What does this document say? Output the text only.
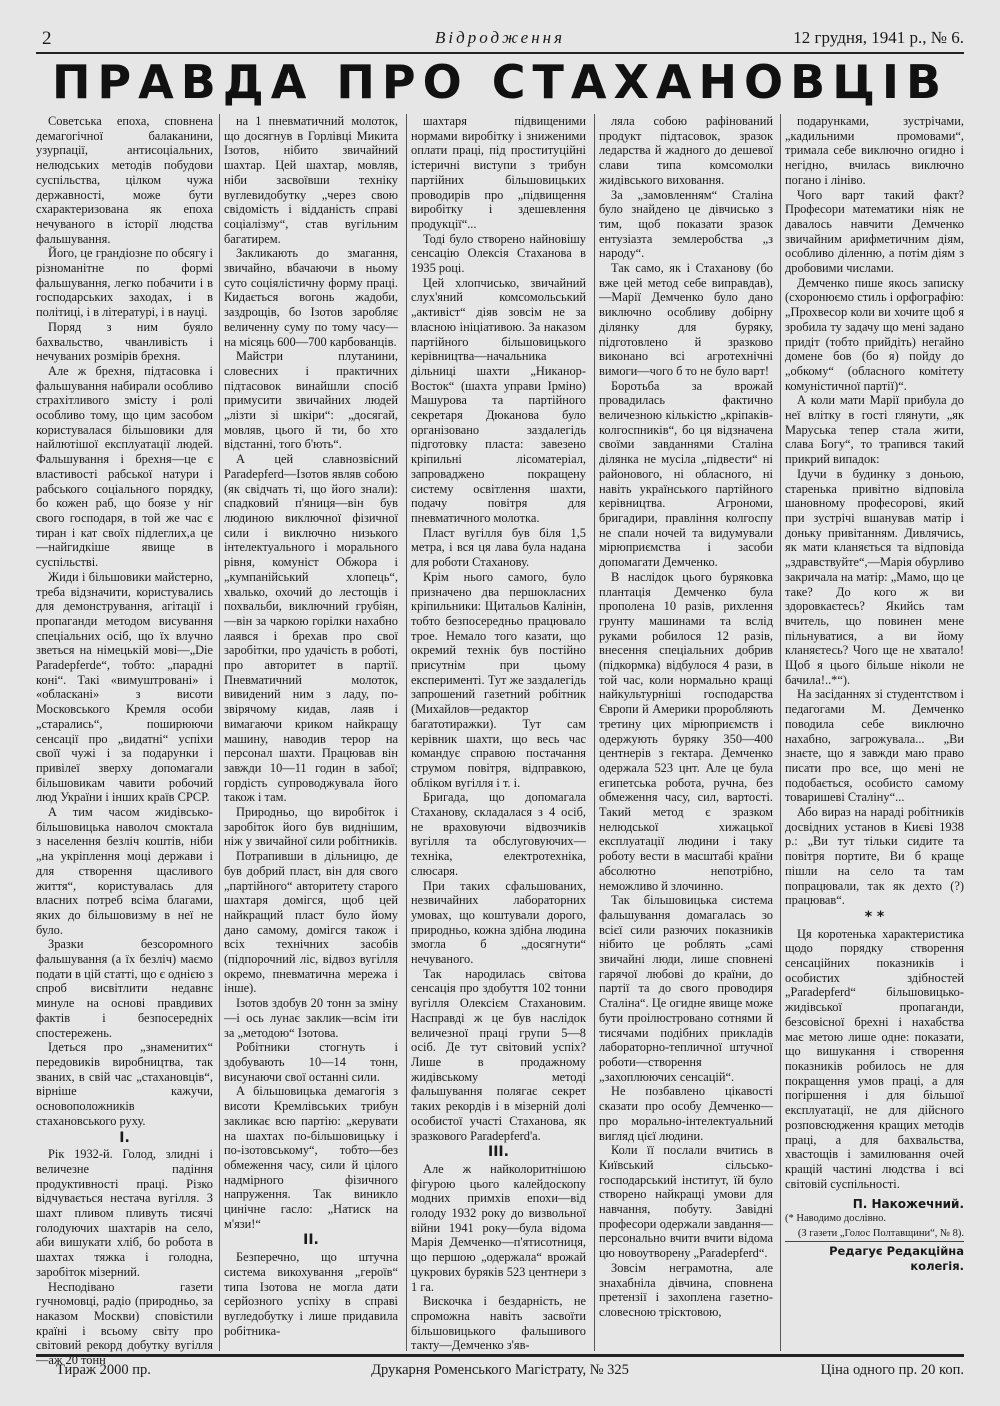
2	Відродження	12 грудня, 1941 р., № 6.
ПРАВДА ПРО СТАХАНОВЦІВ

Советська епоха, сповнена демагогічної балаканини, узурпації, антисоціальних, нелюдських методів побудови суспільства, цілком чужа державності, може бути схарактеризована як епоха нечуваного в історії людства фальшування.

Його, це грандіозне по обсягу і різноманітне по формі фальшування, легко побачити і в господарських заходах, і в політиці, і в літературі, і в науці.

Поряд з ним буяло бахвальство, чванливість і нечуваних розмірів брехня.

Але ж брехня, підтасовка і фальшування набирали особливо страхітливого змісту і ролі особливо тому, що цим засобом користувалася більшовики для найлютішої експлуатації людей. Фальшування і брехня—це є властивості рабської натури і рабського соціального порядку, бо кожен раб, що боязе у ніг свого господаря, в той же час є тиран і кат своїх підлеглих,а це—найгидкіше явище в суспільстві.

Жиди і більшовики майстерно, треба відзначити, користувались для демонстрування, агітації і пропаганди методом висування спеціальних осіб, що їх влучно зветься на німецькій мові—„Die Paradepferde“, тобто: „парадні коні“. Такі «вимуштровані» і «обласкані» з висоти Московського Кремля особи „старались“, поширюючи сенсації про „видатні“ успіхи своїї чужі і за подарунки і привілеї зверху допомагали більшовикам чавити робочий люд України і інших країв СРСР.

А тим часом жидівсько-більшовицька наволоч смоктала з населення безліч коштів, ніби „на укріплення моці держави і для створення щасливого життя“, користувалась для власних потреб всіма благами, яких до більшовизму в неї не було.

Зразки безсоромного фальшування (а їх безліч) маємо подати в цій статті, що є однією з спроб висвітлити недавнє минуле на основі правдивих фактів і безпосередніх спостережень.

Ідеться про „знаменитих“ передовиків виробництва, так званих, в свій час „стахановців“, вірніше кажучи, основоположників стахановського руху.

I.

Рік 1932-й. Голод, злидні і величезне падіння продуктивності праці. Різко відчувається нестача вугілля. З шахт пливом пливуть тисячі голодуючих шахтарів на село, аби вишукати хліб, бо робота в шахтах тяжка і голодна, заробіток мізерний.

Несподівано газети гучномовці, радіо (природньо, за наказом Москви) сповістили країні і всьому світу про світовий рекорд добутку вугілля—аж 20 тонн

на 1 пневматичний молоток, що досягнув в Горлівці Микита Ізотов, нібито звичайний шахтар. Цей шахтар, мовляв, ніби засвоївши техніку вуглевидобутку „через свою свідомість і відданість справі соціалізму“, став вугільним багатирем.

Закликають до змагання, звичайно, вбачаючи в ньому суто соціялістичну форму праці. Кидається вогонь жадоби, заздрощів, бо Ізотов заробляє величенну суму по тому часу—на місяць 600—700 карбованців.

Майстри плутанини, словесних і практичних підтасовок винайшли спосіб примусити звичайних людей „лізти зі шкіри“: „досягай, мовляв, цього й ти, бо хто відстанні, того б'ють“.

А цей славнозвісний Paradepferd—Ізотов являв собою (як свідчать ті, що його знали): спадковий п'яниця—він був людиною виключної фізичної сили і виключно низького інтелектуального і морального рівня, комуніст Обжора і „кумпанійський хлопець“, хвалько, охочий до лестощів і похвальби, виключний грубіян,—він за чаркою горілки нахабно лаявся і брехав про свої заробітки, про удачість в роботі, про авторитет в партії. Пневматичний молоток, вивидений ним з ладу, по-звірячому кидав, лаяв і вимагаючи криком найкращу машину, наводив терор на персонал шахти. Працював він завжди 10—11 годин в забої; гордість супроводжувала його також і там.

Природньо, що виробіток і заробіток його був виднішим, ніж у звичайної сили робітників.

Потрапивши в дільницю, де був добрий пласт, він для свого „партійного“ авторитету старого шахтаря домігся, щоб цей найкращий пласт було йому дано самому, домігся також і всіх технічних засобів (підпорочний ліс, відвоз вугілля окремо, пневматична мережа і інше).

Ізотов здобув 20 тонн за зміну—і ось лунає заклик—всім іти за „методою“ Ізотова.

Робітники стогнуть і здобувають 10—14 тонн, висунаючи свої останні сили.

А більшовицька демагогія з висоти Кремлівських трибун закликає всю партію: „керувати на шахтах по-більшовицьку і по-ізотовському“, тобто—без обмеження часу, сили й цілого надмірного фізичного напруження. Так виникло цинічне гасло: „Натиск на м'язи!“

II.

Безперечно, що штучна система викохування „героїв“ типа Ізотова не могла дати серйозного успіху в справі вугледобутку і лише придавила робітника-

шахтаря підвищеними нормами виробітку і зниженими оплати праці, під проституційні істеричні виступи з трибун партійних більшовицьких проводирів про „підвищення виробітку і здешевлення продукції“...

Тоді було створено найновішу сенсацію Олексія Стаханова в 1935 році.

Цей хлопчисько, звичайний слух'яний комсомольський „активіст“ діяв зовсім не за власною ініціативою. За наказом партійного більшовицького керівництва—начальника дільниці шахти „Никанор-Восток“ (шахта управи Ірміно) Машурова та партійного секретаря Дюканова було організовано заздалегідь підготовку пласта: завезено кріпильні лісоматеріал, запроваджено покращену систему освітлення шахти, подачу повітря для пневматичного молотка.

Пласт вугілля був біля 1,5 метра, і вся ця лава була надана для роботи Стаханову.

Крім нього самого, було призначено два першокласних кріпильники: Щитальов Калінін, тобто безпосередньо працювало трое. Немало того казати, що окремий технік був постійно присутнім при цьому експерименті. Тут же заздалегідь запрошений газетний робітник (Михайлов—редактор багатотиражки). Тут сам керівник шахти, що весь час командує справою постачання струмом повітря, відправкою, обліком вугілля і т. і.

Бригада, що допомагала Стаханову, складалася з 4 осіб, не враховуючи відвозчиків вугілля та обслуговуючих—техніка, електротехніка, слюсаря.

При таких сфальшованих, незвичайних лабораторних умовах, що коштували дорого, природньо, кожна здібна людина змогла б „досягнути“ нечуваного.

Так народилась світова сенсація про здобуття 102 тонни вугілля Олексієм Стахановим. Насправді ж це був наслідок величезної праці групи 5—8 осіб. Де тут світовий успіх? Лише в продажному жидівському методі фальшування полягає секрет таких рекордів і в мізерній долі особистої участі Стаханова, як зразкового Paradepferd'а.

III.

Але ж найколоритнішою фігурою цього калейдоскопу модних примхів епохи—від голоду 1932 року до визвольної війни 1941 року—була відома Марія Демченко—п'ятисотниця, що першою „одержала“ врожай цукрових буряків 523 центнери з 1 га.

Вискочка і бездарність, не спроможна навіть засвоїти більшовицького фальшивого такту—Демченко з'яв-

ляла собою рафінований продукт підтасовок, зразок ледарства й жадного до дешевої слави типа комсомолки жидівського виховання.

За „замовленням“ Сталіна було знайдено це дівчисько з тим, щоб показати зразок ентузіазта землеробства „з народу“.

Так само, як і Стаханову (бо вже цей метод себе виправдав),—Марії Демченко було дано виключно особливу добірну ділянку для буряку, підготовлено й зразково виконано всі агротехнічні вимоги—чого б то не було варт!

Боротьба за врожай провадилась фактично величезною кількістю „кріпаків-колгоспників“, бо ця відзначена своїми завданнями Сталіна ділянка не мусіла „підвести“ ні районового, ні обласного, ні навіть українського партійного керівництва. Агрономи, бригадири, правління колгоспу не спали ночей та видумували мірюприємства і засоби допомагати Демченко.

В наслідок цього буряковка плантація Демченко була прополена 10 разів, рихлення грунту машинами та вслід руками робилося 12 разів, внесення спеціальних добрив (підкормка) відбулося 4 рази, в той час, коли нормально кращі найкультурніші господарства Європи й Америки проробляють третину цих мірюприємств і одержують буряку 350—400 центнерів з гектара. Демченко одержала 523 цнт. Але це була египетська робота, ручна, без обмеження часу, сил, вартості. Такий метод є зразком нелюдської хижацької експлуатації людини і таку роботу вести в масштабі країни абсолютно непотрібно, неможливо й злочинно.

Так більшовицька система фальшування домагалась зо всієї сили разючих показників нібито це роблять „самі звичайні люди, лише сповнені гарячої любові до країни, до партії та до свого проводиря Сталіна“. Це огидне явище може бути проілюстровано сотнями й тисячами подібних прикладів лабораторно-тепличної штучної роботи—створення „захоплюючих сенсацій“.

Не позбавлено цікавості сказати про особу Демченко—про морально-інтелектуальний вигляд цієї людини.

Коли її послали вчитись в Київський сільсько-господарський інститут, їй було створено найкращі умови для навчання, побуту. Завідні професори одержали завдання—персонально вчити вчити відома цю новоутворену „Paradepferd“.

Зовсім неграмотна, але знахабніла дівчина, сповнена претензії і захоплена газетно-словесною трісктовою,

подарунками, зустрічами, „кадильними промовами“, тримала себе виключно огидно і негідно, вчилась виключно погано і лінiво.

Чого варт такий факт? Професори математики ніяк не давалось навчити Демченко звичайним арифметичним діям, особливо діленню, а потім діям з дробовими числами.

Демченко пише якось записку (схоронюємо стиль і орфографію: „Прохвесор коли ви хочите щоб я зробила ту задачу що мені задано придіт (тобто прийдіть) негайно домене бов (бо я) пойду до „обкому“ (обласного комітету комуністичної партії)“.

А коли мати Марії прибула до неї влітку в гості глянути, „як Маруська тепер стала жити, слава Богу“, то трапився такий прикрий випадок:

Ідучи в будинку з доньою, старенька привітно відповіла шановному професорові, який при зустрічі вшанував матір і доньку привітанням. Дивлячись, як мати кланяється та відповіда „здравствуйте“,—Марія обурливо закричала на матір: „Мамо, що це таке? До кого ж ви здоровкаєтесь? Якийсь там вчитель, що повинен мене пільнуватися, а ви йому кланяєтесь? Чого ще не хватало! Щоб я цього більше ніколи не бачила!..*“).

На засіданнях зі студентством і педагогами М. Демченко поводила себе виключно нахабно, загрожувала... „Ви знаєте, що я завжди маю право писати про все, що мені не подобається, особисто самому товаришеві Сталіну“...

Або вираз на нараді робітників досвідних установ в Києві 1938 р.: „Ви тут тільки сидите та повітря портите, Ви б краще пішли на село та там попрацювали, так як дехто (?) працював“.

* *

Ця коротенька характеристика щодо порядку створення сенсаційних показників і особистих здібностей „Paradepferd“ більшовицько-жидівської пропаганди, безсовісної брехні і нахабства має метою лише одне: показати, що вишукання і створення показників робилось не для покращення умов праці, а для погіршення і для більшої експлуатації, не для дійсного розповсюдження кращих методів праці, а для бахвальства, хвастощів і замилювання очей кращій частині людства і всі світовій суспільності.

П. Накожечний.

(* Наводимо дослівно.

(З газети „Голос Полтавщини“, № 8).

Редагує Редакційна колегія.

Тираж 2000 пр.	Друкарня Роменського Магістрату, № 325	Ціна одного пр. 20 коп.
